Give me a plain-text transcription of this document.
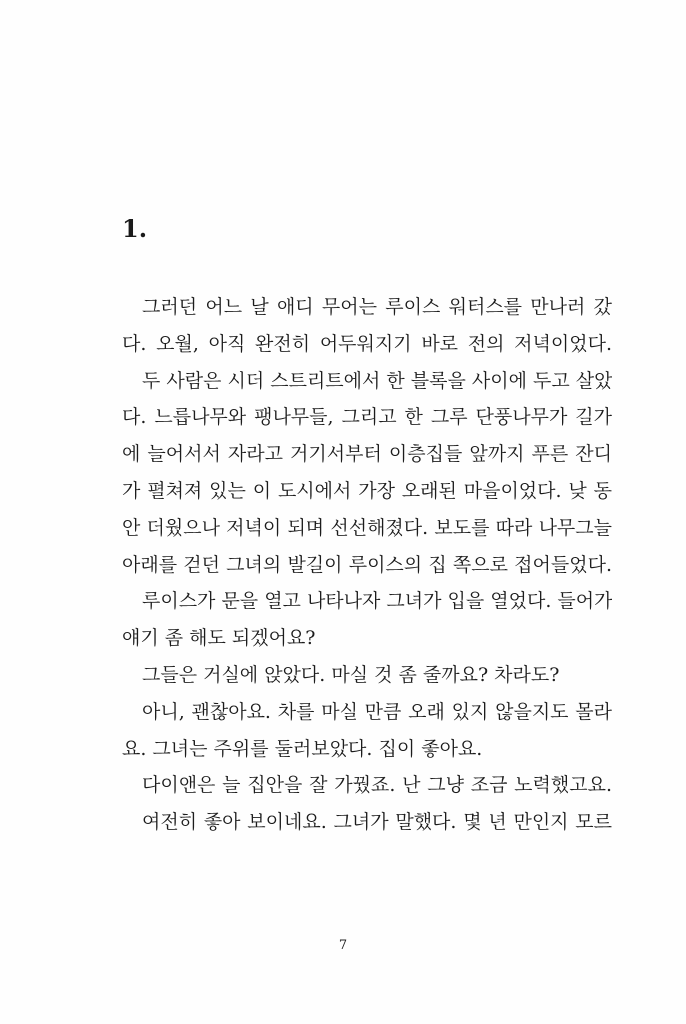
1.
그러던 어느 날 애디 무어는 루이스 워터스를 만나러 갔
다. 오월, 아직 완전히 어두워지기 바로 전의 저녁이었다.
두 사람은 시더 스트리트에서 한 블록을 사이에 두고 살았
다. 느릅나무와 팽나무들, 그리고 한 그루 단풍나무가 길가
에 늘어서서 자라고 거기서부터 이층집들 앞까지 푸른 잔디
가 펼쳐져 있는 이 도시에서 가장 오래된 마을이었다. 낮 동
안 더웠으나 저녁이 되며 선선해졌다. 보도를 따라 나무그늘
아래를 걷던 그녀의 발길이 루이스의 집 쪽으로 접어들었다.
루이스가 문을 열고 나타나자 그녀가 입을 열었다. 들어가
얘기 좀 해도 되겠어요?
그들은 거실에 앉았다. 마실 것 좀 줄까요? 차라도?
아니, 괜찮아요. 차를 마실 만큼 오래 있지 않을지도 몰라
요. 그녀는 주위를 둘러보았다. 집이 좋아요.
다이앤은 늘 집안을 잘 가꿨죠. 난 그냥 조금 노력했고요.
여전히 좋아 보이네요. 그녀가 말했다. 몇 년 만인지 모르
7
